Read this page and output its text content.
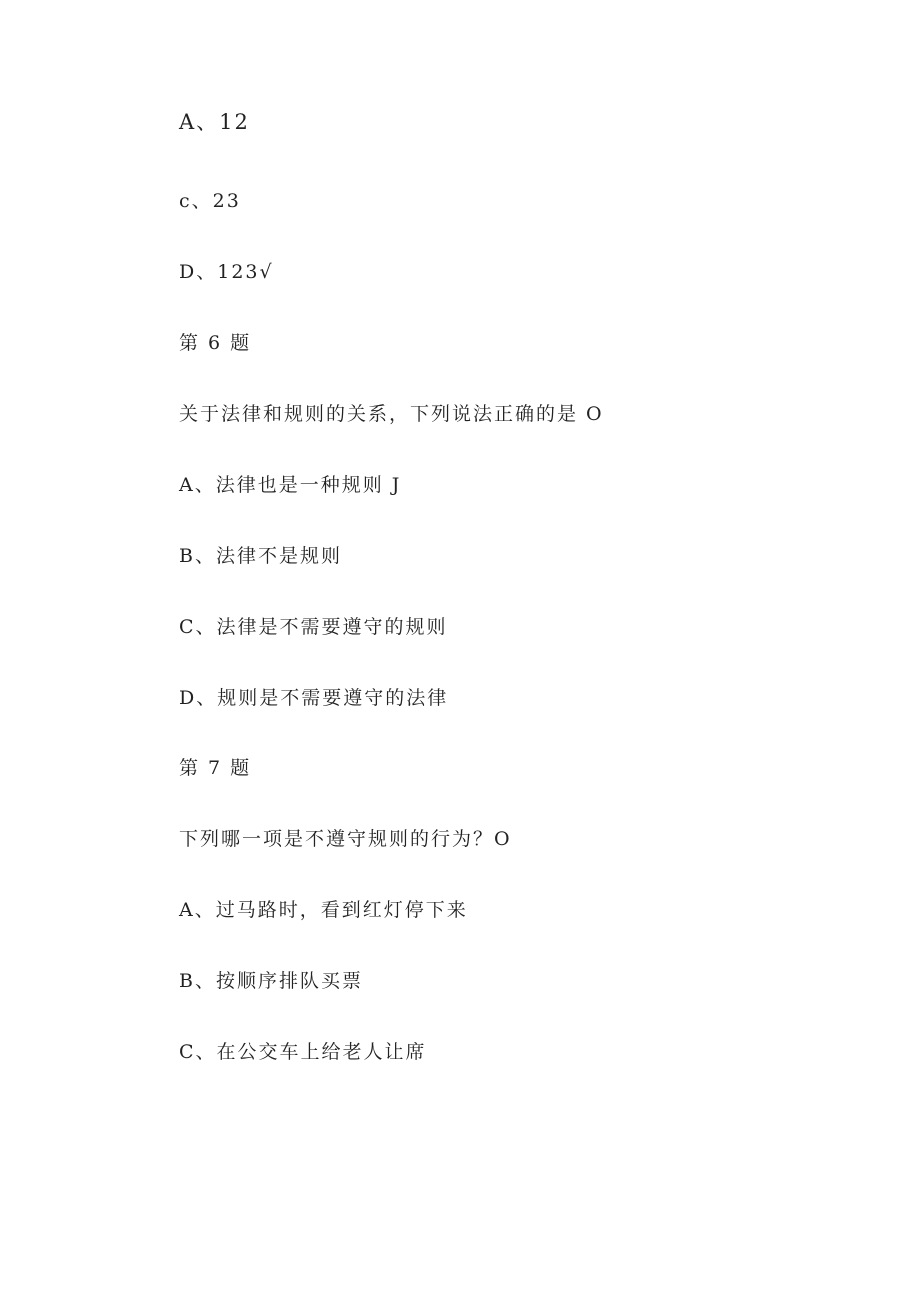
A、12
c、23
D、123√
第 6 题
关于法律和规则的关系，下列说法正确的是 O
A、法律也是一种规则 J
B、法律不是规则
C、法律是不需要遵守的规则
D、规则是不需要遵守的法律
第 7 题
下列哪一项是不遵守规则的行为？O
A、过马路时，看到红灯停下来
B、按顺序排队买票
C、在公交车上给老人让席
